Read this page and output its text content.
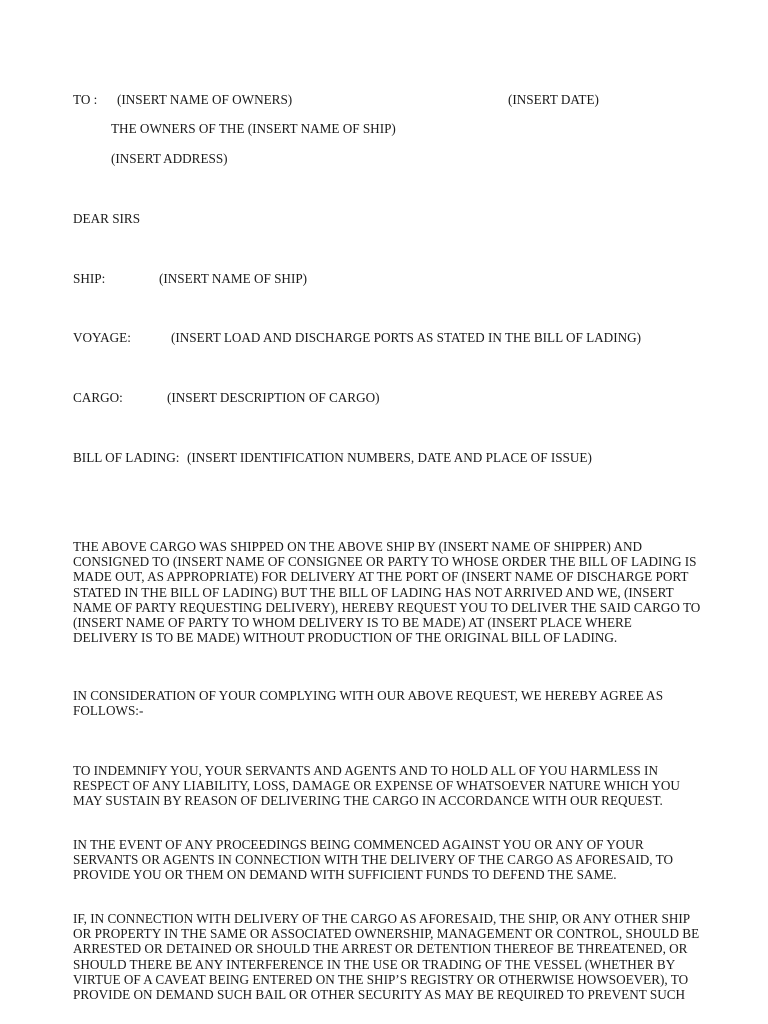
TO : (INSERT NAME OF OWNERS)	(INSERT DATE)
THE OWNERS OF THE (INSERT NAME OF SHIP)
(INSERT ADDRESS)
DEAR SIRS
SHIP:	(INSERT NAME OF SHIP)
VOYAGE:	(INSERT LOAD AND DISCHARGE PORTS AS STATED IN THE BILL OF LADING)
CARGO:	(INSERT DESCRIPTION OF CARGO)
BILL OF LADING: (INSERT IDENTIFICATION NUMBERS, DATE AND PLACE OF ISSUE)
THE ABOVE CARGO WAS SHIPPED ON THE ABOVE SHIP BY (INSERT NAME OF SHIPPER) AND
CONSIGNED TO (INSERT NAME OF CONSIGNEE OR PARTY TO WHOSE ORDER THE BILL OF LADING IS
MADE OUT, AS APPROPRIATE) FOR DELIVERY AT THE PORT OF (INSERT NAME OF DISCHARGE PORT
STATED IN THE BILL OF LADING) BUT THE BILL OF LADING HAS NOT ARRIVED AND WE, (INSERT
NAME OF PARTY REQUESTING DELIVERY), HEREBY REQUEST YOU TO DELIVER THE SAID CARGO TO
(INSERT NAME OF PARTY TO WHOM DELIVERY IS TO BE MADE) AT (INSERT PLACE WHERE
DELIVERY IS TO BE MADE) WITHOUT PRODUCTION OF THE ORIGINAL BILL OF LADING.
IN CONSIDERATION OF YOUR COMPLYING WITH OUR ABOVE REQUEST, WE HEREBY AGREE AS
FOLLOWS:-
TO INDEMNIFY YOU, YOUR SERVANTS AND AGENTS AND TO HOLD ALL OF YOU HARMLESS IN
RESPECT OF ANY LIABILITY, LOSS, DAMAGE OR EXPENSE OF WHATSOEVER NATURE WHICH YOU
MAY SUSTAIN BY REASON OF DELIVERING THE CARGO IN ACCORDANCE WITH OUR REQUEST.
IN THE EVENT OF ANY PROCEEDINGS BEING COMMENCED AGAINST YOU OR ANY OF YOUR
SERVANTS OR AGENTS IN CONNECTION WITH THE DELIVERY OF THE CARGO AS AFORESAID, TO
PROVIDE YOU OR THEM ON DEMAND WITH SUFFICIENT FUNDS TO DEFEND THE SAME.
IF, IN CONNECTION WITH DELIVERY OF THE CARGO AS AFORESAID, THE SHIP, OR ANY OTHER SHIP
OR PROPERTY IN THE SAME OR ASSOCIATED OWNERSHIP, MANAGEMENT OR CONTROL, SHOULD BE
ARRESTED OR DETAINED OR SHOULD THE ARREST OR DETENTION THEREOF BE THREATENED, OR
SHOULD THERE BE ANY INTERFERENCE IN THE USE OR TRADING OF THE VESSEL (WHETHER BY
VIRTUE OF A CAVEAT BEING ENTERED ON THE SHIP’S REGISTRY OR OTHERWISE HOWSOEVER), TO
PROVIDE ON DEMAND SUCH BAIL OR OTHER SECURITY AS MAY BE REQUIRED TO PREVENT SUCH
